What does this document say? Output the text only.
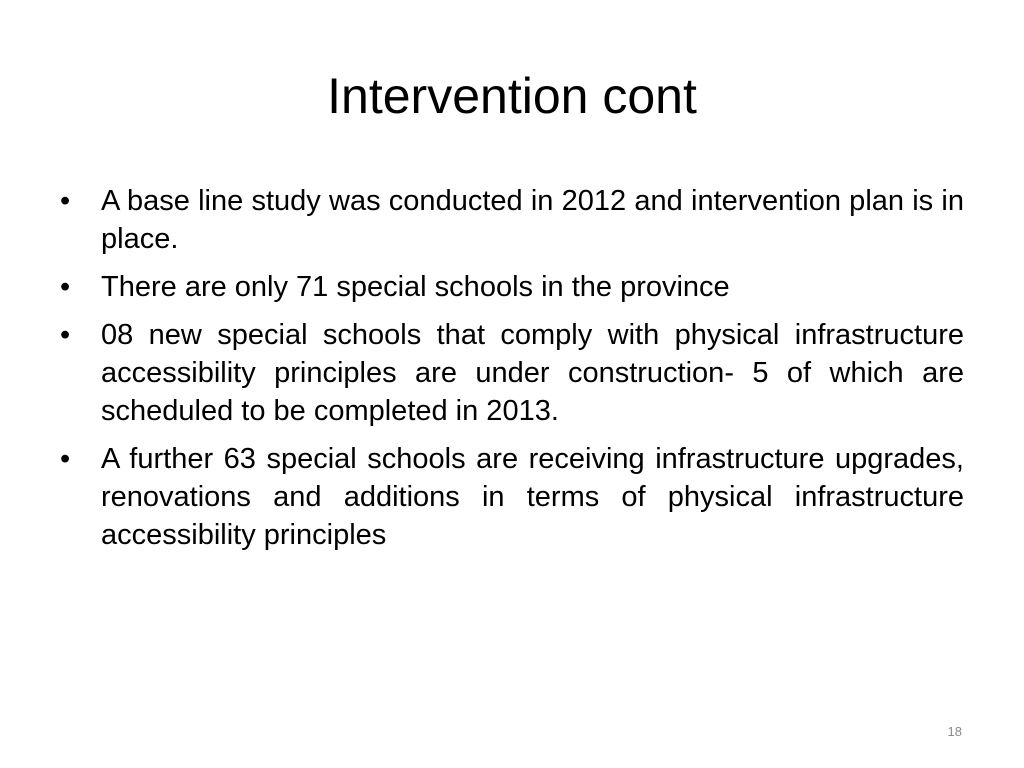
Intervention cont
•	A base line study was conducted in 2012 and intervention plan is in place.
•	There are only 71 special schools in the province
•	08 new special schools that comply with physical infrastructure accessibility principles are under construction- 5 of which are scheduled to be completed in 2013.
•	A further 63 special schools are receiving infrastructure upgrades, renovations and additions in terms of physical infrastructure accessibility principles
18
